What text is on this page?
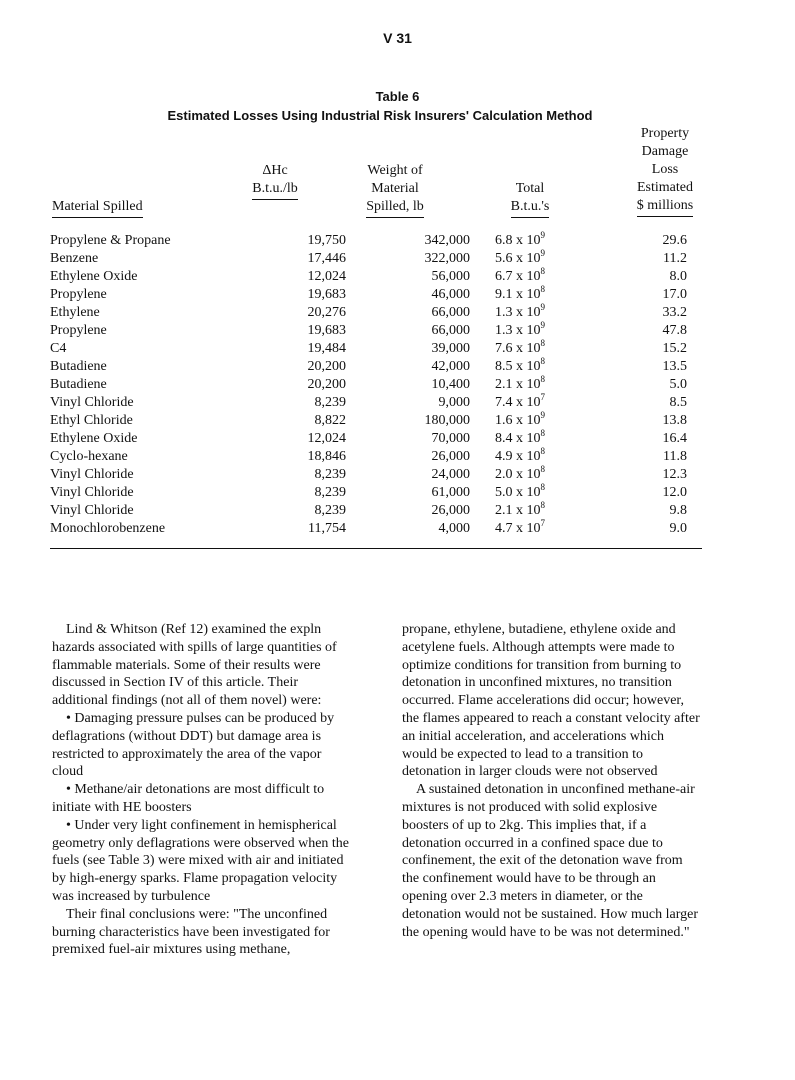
V 31
Table 6
Estimated Losses Using Industrial Risk Insurers' Calculation Method
Material Spilled
ΔHc
B.t.u./lb
Weight of
Material
Spilled, lb
Total
B.t.u.'s
Property
Damage
Loss
Estimated
$ millions
Propylene & Propane	19,750	342,000 6.8 x $10^9$	29.6
Benzene	17,446	322,000 5.6 x $10^9$	11.2
Ethylene Oxide	12,024	56,000 6.7 x $10^8$	8.0
Propylene	19,683	46,000 9.1 x $10^8$	17.0
Ethylene	20,276	66,000 1.3 x $10^9$	33.2
Propylene	19,683	66,000 1.3 x $10^9$	47.8
C4	19,484	39,000 7.6 x $10^8$	15.2
Butadiene	20,200	42,000 8.5 x $10^8$	13.5
Butadiene	20,200	10,400 2.1 x $10^8$	5.0
Vinyl Chloride	8,239	9,000 7.4 x $10^7$	8.5
Ethyl Chloride	8,822	180,000 1.6 x $10^9$	13.8
Ethylene Oxide	12,024	70,000 8.4 x $10^8$	16.4
Cyclo-hexane	18,846	26,000 4.9 x $10^8$	11.8
Vinyl Chloride	8,239	24,000 2.0 x $10^8$	12.3
Vinyl Chloride	8,239	61,000 5.0 x $10^8$	12.0
Vinyl Chloride	8,239	26,000 2.1 x $10^8$	9.8
Monochlorobenzene	11,754	4,000 4.7 x $10^7$	9.0

Lind & Whitson (Ref 12) examined the expln hazards associated with spills of large quantities of flammable materials. Some of their results were discussed in Section IV of this article. Their additional findings (not all of them novel) were:

• Damaging pressure pulses can be produced by deflagrations (without DDT) but damage area is restricted to approximately the area of the vapor cloud

• Methane/air detonations are most difficult to initiate with HE boosters

• Under very light confinement in hemispherical geometry only deflagrations were observed when the fuels (see Table 3) were mixed with air and initiated by high-energy sparks. Flame propagation velocity was increased by turbulence

Their final conclusions were: "The unconfined burning characteristics have been investigated for premixed fuel-air mixtures using methane,

propane, ethylene, butadiene, ethylene oxide and acetylene fuels. Although attempts were made to optimize conditions for transition from burning to detonation in unconfined mixtures, no transition occurred. Flame accelerations did occur; however, the flames appeared to reach a constant velocity after an initial acceleration, and accelerations which would be expected to lead to a transition to detonation in larger clouds were not observed

A sustained detonation in unconfined methane-air mixtures is not produced with solid explosive boosters of up to 2kg. This implies that, if a detonation occurred in a confined space due to confinement, the exit of the detonation wave from the confinement would have to be through an opening over 2.3 meters in diameter, or the detonation would not be sustained. How much larger the opening would have to be was not determined."
